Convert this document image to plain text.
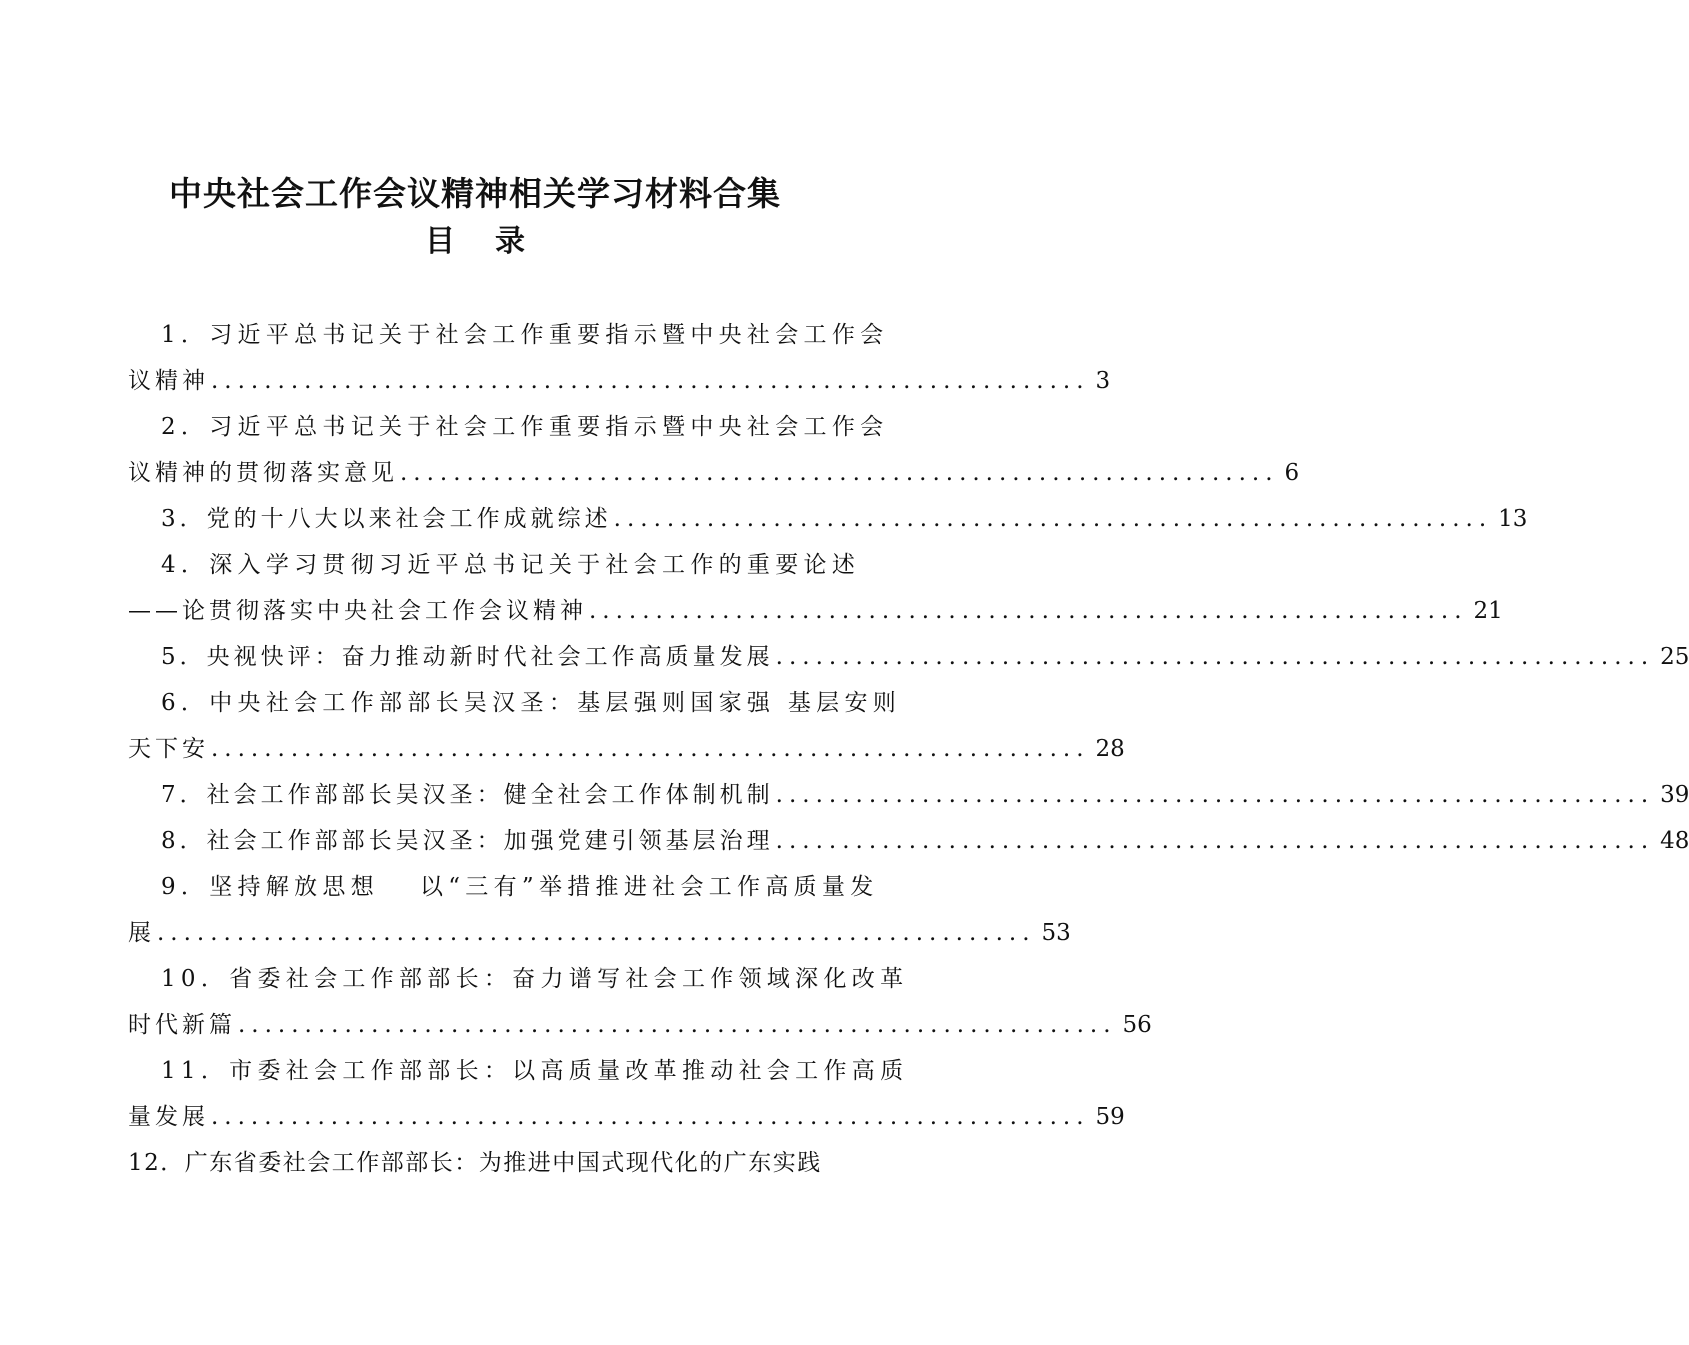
中央社会工作会议精神相关学习材料合集
目录
1．习近平总书记关于社会工作重要指示暨中央社会工作会
议精神 .................................................................. 3
2．习近平总书记关于社会工作重要指示暨中央社会工作会
议精神的贯彻落实意见 .................................................................. 6
3．党的十八大以来社会工作成就综述 .................................................................. 13
4．深入学习贯彻习近平总书记关于社会工作的重要论述
——论贯彻落实中央社会工作会议精神 .................................................................. 21
5．央视快评：奋力推动新时代社会工作高质量发展 .................................................................. 25
6．中央社会工作部部长吴汉圣：基层强则国家强 基层安则
天下安 .................................................................. 28
7．社会工作部部长吴汉圣：健全社会工作体制机制 .................................................................. 39
8．社会工作部部长吴汉圣：加强党建引领基层治理 .................................................................. 48
9．坚持解放思想　 以“三有”举措推进社会工作高质量发
展 .................................................................. 53
10．省委社会工作部部长：奋力谱写社会工作领域深化改革
时代新篇 .................................................................. 56
11．市委社会工作部部长：以高质量改革推动社会工作高质
量发展 .................................................................. 59
12．广东省委社会工作部部长：为推进中国式现代化的广东实践
